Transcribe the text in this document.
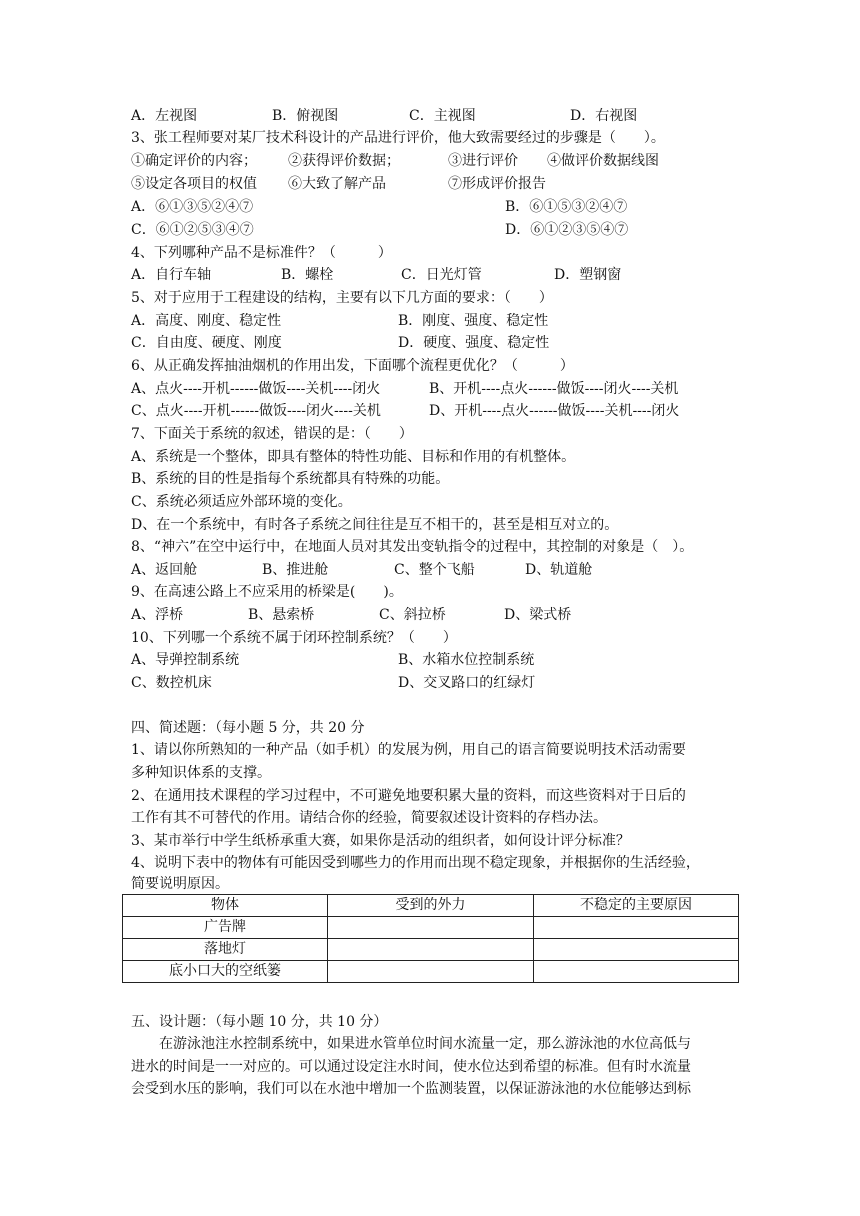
A．左视图	B．俯视图	C．主视图	D．右视图
3、张工程师要对某厂技术科设计的产品进行评价，他大致需要经过的步骤是（　　）。
①确定评价的内容； ②获得评价数据；	③进行评价 ④做评价数据线图
⑤设定各项目的权值 ⑥大致了解产品	⑦形成评价报告
A．⑥①③⑤②④⑦	B．⑥①⑤③②④⑦
C．⑥①②⑤③④⑦	D．⑥①②③⑤④⑦
4、下列哪种产品不是标准件？（　　　）
A．自行车轴	B．螺栓	C．日光灯管	D．塑钢窗
5、对于应用于工程建设的结构，主要有以下几方面的要求：（　　）
A．高度、刚度、稳定性	B．刚度、强度、稳定性
C．自由度、硬度、刚度	D．硬度、强度、稳定性
6、从正确发挥抽油烟机的作用出发，下面哪个流程更优化？（　　　）
A、点火----开机------做饭----关机----闭火	B、开机----点火------做饭----闭火----关机
C、点火----开机------做饭----闭火----关机	D、开机----点火------做饭----关机----闭火
7、下面关于系统的叙述，错误的是：（　　）
A、系统是一个整体，即具有整体的特性功能、目标和作用的有机整体。
B、系统的目的性是指每个系统都具有特殊的功能。
C、系统必须适应外部环境的变化。
D、在一个系统中，有时各子系统之间往往是互不相干的，甚至是相互对立的。
8、“神六”在空中运行中，在地面人员对其发出变轨指令的过程中，其控制的对象是（　）。
A、返回舱	B、推进舱	C、整个飞船	D、轨道舱
9、在高速公路上不应采用的桥梁是(　　)。
A、浮桥	B、悬索桥	C、斜拉桥	D、梁式桥
10、下列哪一个系统不属于闭环控制系统？（　　）
A、导弹控制系统	B、水箱水位控制系统
C、数控机床	D、交叉路口的红绿灯
四、简述题：（每小题 5 分，共 20 分
1、请以你所熟知的一种产品（如手机）的发展为例，用自己的语言简要说明技术活动需要
多种知识体系的支撑。
2、在通用技术课程的学习过程中，不可避免地要积累大量的资料，而这些资料对于日后的
工作有其不可替代的作用。请结合你的经验，简要叙述设计资料的存档办法。
3、某市举行中学生纸桥承重大赛，如果你是活动的组织者，如何设计评分标准？
4、说明下表中的物体有可能因受到哪些力的作用而出现不稳定现象，并根据你的生活经验，
简要说明原因。
物体	受到的外力	不稳定的主要原因
广告牌		
落地灯		
底小口大的空纸篓		
五、设计题：（每小题 10 分，共 10 分）
在游泳池注水控制系统中，如果进水管单位时间水流量一定，那么游泳池的水位高低与
进水的时间是一一对应的。可以通过设定注水时间，使水位达到希望的标准。但有时水流量
会受到水压的影响，我们可以在水池中增加一个监测装置，以保证游泳池的水位能够达到标
